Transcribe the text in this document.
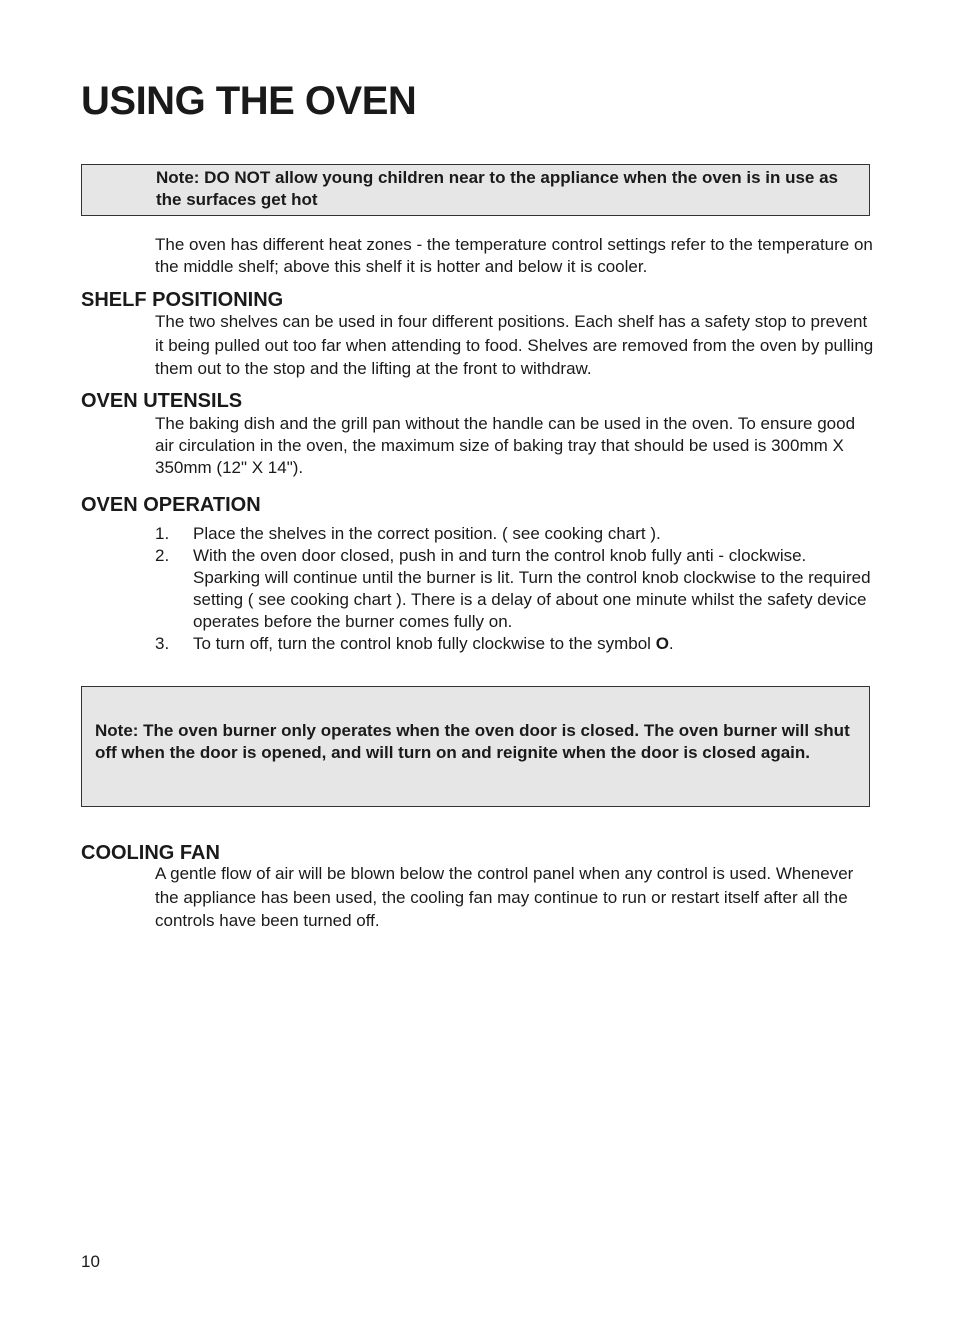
USING THE OVEN
Note: DO NOT allow young children near to the appliance when the oven is in use as the surfaces get hot

The oven has different heat zones - the temperature control settings refer to the temperature on the middle shelf; above this shelf it is hotter and below it is cooler.

SHELF POSITIONING

The two shelves can be used in four different positions. Each shelf has a safety stop to prevent it being pulled out too far when attending to food. Shelves are removed from the oven by pulling them out to the stop and the lifting at the front to withdraw.

OVEN UTENSILS

The baking dish and the grill pan without the handle can be used in the oven. To ensure good air circulation in the oven, the maximum size of baking tray that should be used is 300mm X 350mm (12" X 14").

OVEN OPERATION
1.	Place the shelves in the correct position. ( see cooking chart ).
2.	With the oven door closed, push in and turn the control knob fully anti - clockwise. Sparking will continue until the burner is lit. Turn the control knob clockwise to the required setting ( see cooking chart ). There is a delay of about one minute whilst the safety device operates before the burner comes fully on.
3.	To turn off, turn the control knob fully clockwise to the symbol O.
Note: The oven burner only operates when the oven door is closed. The oven burner will shut off when the door is opened, and will turn on and reignite when the door is closed again.
COOLING FAN

A gentle flow of air will be blown below the control panel when any control is used. Whenever the appliance has been used, the cooling fan may continue to run or restart itself after all the controls have been turned off.

10
